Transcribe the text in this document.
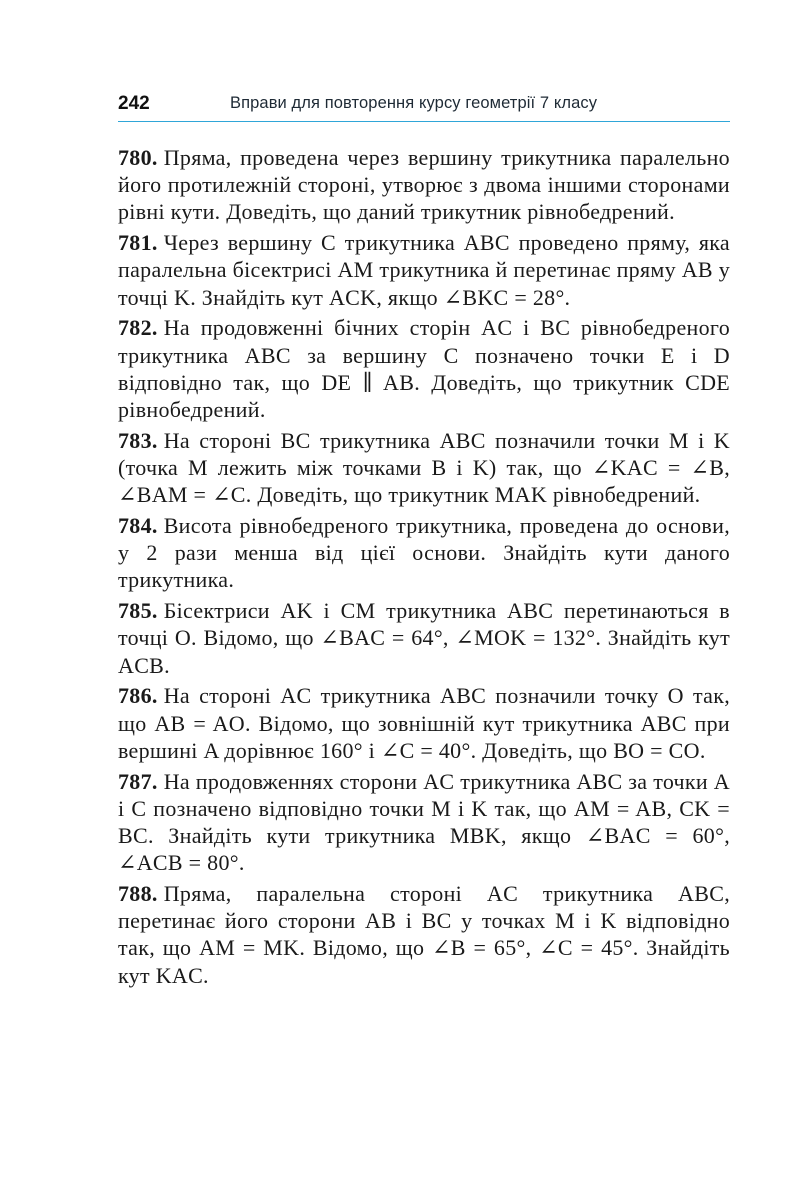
242	Вправи для повторення курсу геометрії 7 класу

780. Пряма, проведена через вершину трикутника паралельно його протилежній стороні, утворює з двома іншими сторонами рівні кути. Доведіть, що даний трикутник рівнобедрений.

781. Через вершину C трикутника ABC проведено пряму, яка паралельна бісектрисі AM трикутника й перетинає пряму AB у точці K. Знайдіть кут ACK, якщо ∠BKC = 28°.

782. На продовженні бічних сторін AC і BC рівнобедреного трикутника ABC за вершину C позначено точки E і D відповідно так, що DE ∥ AB. Доведіть, що трикутник CDE рівнобедрений.

783. На стороні BC трикутника ABC позначили точки M і K (точка M лежить між точками B і K) так, що ∠KAC = ∠B, ∠BAM = ∠C. Доведіть, що трикутник MAK рівнобедрений.

784. Висота рівнобедреного трикутника, проведена до основи, у 2 рази менша від цієї основи. Знайдіть кути даного трикутника.

785. Бісектриси AK і CM трикутника ABC перетинаються в точці O. Відомо, що ∠BAC = 64°, ∠MOK = 132°. Знайдіть кут ACB.

786. На стороні AC трикутника ABC позначили точку O так, що AB = AO. Відомо, що зовнішній кут трикутника ABC при вершині A дорівнює 160° і ∠C = 40°. Доведіть, що BO = CO.

787. На продовженнях сторони AC трикутника ABC за точки A і C позначено відповідно точки M і K так, що AM = AB, CK = BC. Знайдіть кути трикутника MBK, якщо ∠BAC = 60°, ∠ACB = 80°.

788. Пряма, паралельна стороні AC трикутника ABC, перетинає його сторони AB і BC у точках M і K відповідно так, що AM = MK. Відомо, що ∠B = 65°, ∠C = 45°. Знайдіть кут KAC.
